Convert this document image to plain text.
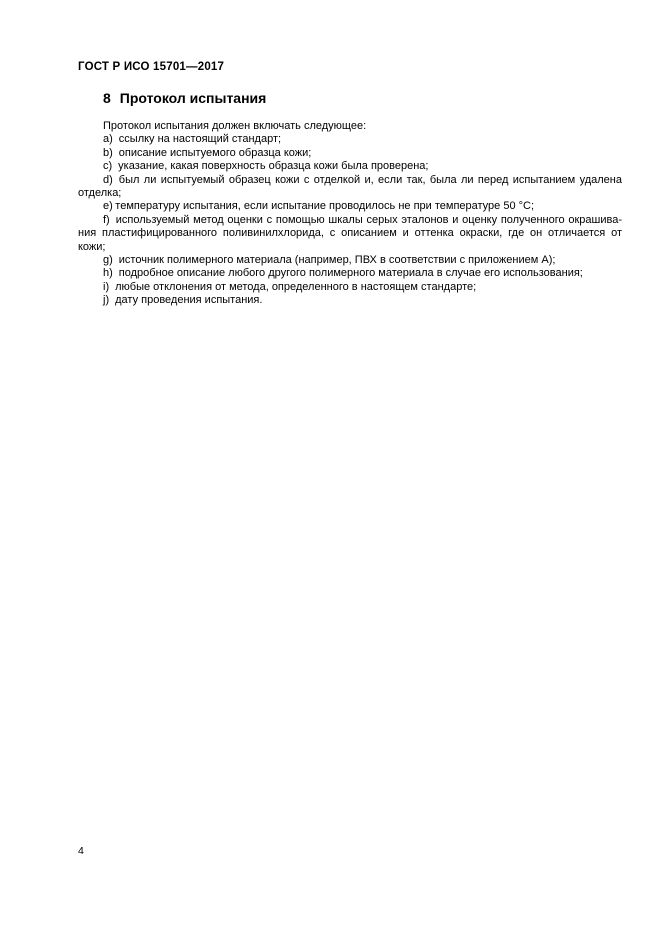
ГОСТ Р ИСО 15701—2017
8 Протокол испытания
Протокол испытания должен включать следующее:
a) ссылку на настоящий стандарт;
b) описание испытуемого образца кожи;
c) указание, какая поверхность образца кожи была проверена;
d) был ли испытуемый образец кожи с отделкой и, если так, была ли перед испытанием удалена
отделка;
e) температуру испытания, если испытание проводилось не при температуре 50 °С;
f) используемый метод оценки с помощью шкалы серых эталонов и оценку полученного окрашива-
ния пластифицированного поливинилхлорида, с описанием и оттенка окраски, где он отличается от
кожи;
g) источник полимерного материала (например, ПВХ в соответствии с приложением А);
h) подробное описание любого другого полимерного материала в случае его использования;
i) любые отклонения от метода, определенного в настоящем стандарте;
j) дату проведения испытания.
4
